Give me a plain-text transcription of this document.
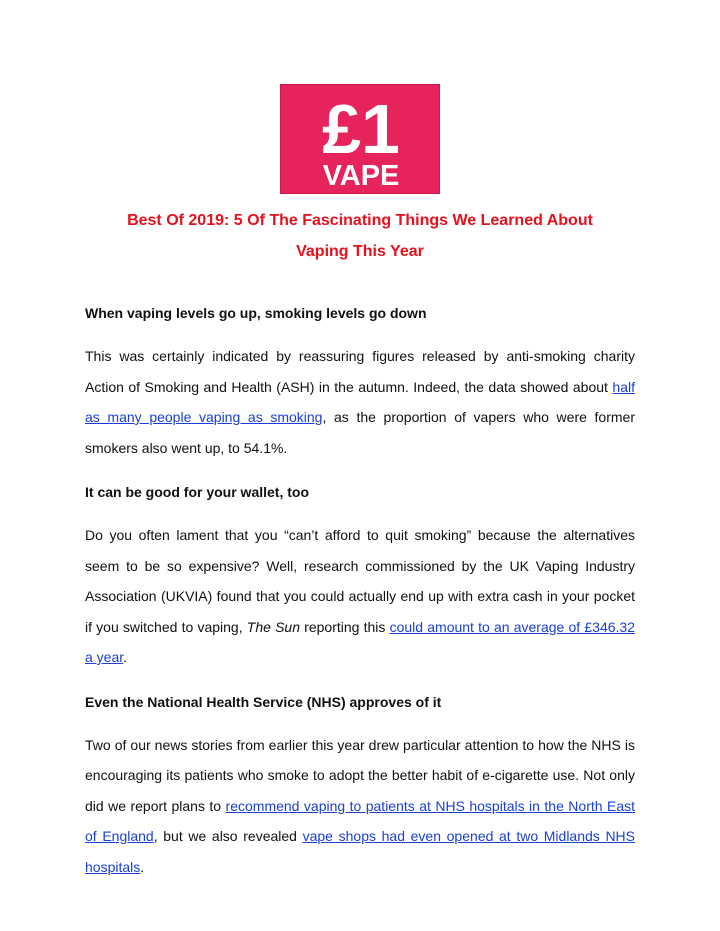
£1
VAPE
Best Of 2019: 5 Of The Fascinating Things We Learned About
Vaping This Year

When vaping levels go up, smoking levels go down

This was certainly indicated by reassuring figures released by anti-smoking charity Action of Smoking and Health (ASH) in the autumn. Indeed, the data showed about half as many people vaping as smoking, as the proportion of vapers who were former smokers also went up, to 54.1%.

It can be good for your wallet, too

Do you often lament that you “can’t afford to quit smoking” because the alternatives seem to be so expensive? Well, research commissioned by the UK Vaping Industry Association (UKVIA) found that you could actually end up with extra cash in your pocket if you switched to vaping, The Sun reporting this could amount to an average of £346.32 a year.

Even the National Health Service (NHS) approves of it

Two of our news stories from earlier this year drew particular attention to how the NHS is encouraging its patients who smoke to adopt the better habit of e-cigarette use. Not only did we report plans to recommend vaping to patients at NHS hospitals in the North East of England, but we also revealed vape shops had even opened at two Midlands NHS hospitals.
